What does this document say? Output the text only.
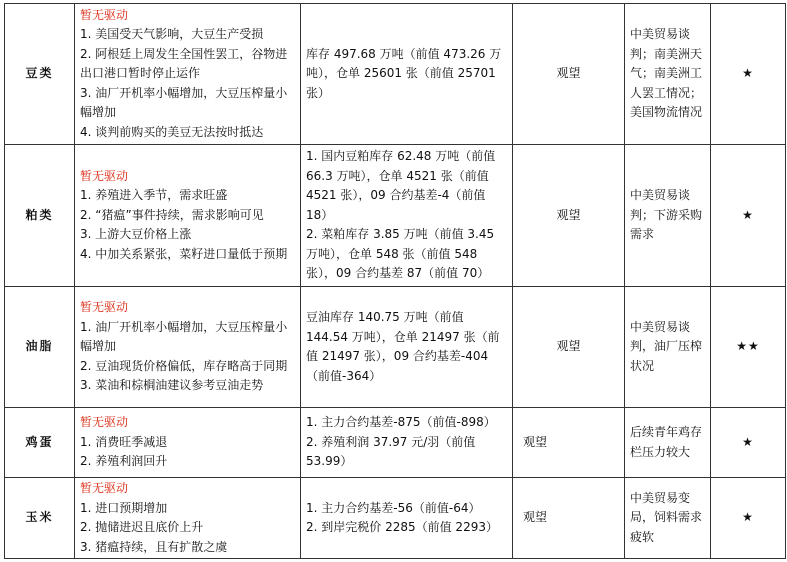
豆类	暂无驱动
1. 美国受天气影响，大豆生产受损
2. 阿根廷上周发生全国性罢工，谷物进出口港口暂时停止运作
3. 油厂开机率小幅增加，大豆压榨量小幅增加
4. 谈判前购买的美豆无法按时抵达	库存 497.68 万吨（前值 473.26 万吨），仓单 25601 张（前值 25701 张）	观望	中美贸易谈判；南美洲天气；南美洲工人罢工情况；美国物流情况	★
粕类	暂无驱动
1. 养殖进入季节，需求旺盛
2. “猪瘟”事件持续，需求影响可见
3. 上游大豆价格上涨
4. 中加关系紧张，菜籽进口量低于预期	1. 国内豆粕库存 62.48 万吨（前值 66.3 万吨），仓单 4521 张（前值 4521 张），09 合约基差-4（前值 18）
2. 菜粕库存 3.85 万吨（前值 3.45 万吨），仓单 548 张（前值 548 张），09 合约基差 87（前值 70）	观望	中美贸易谈判；下游采购需求	★
油脂	暂无驱动
1. 油厂开机率小幅增加，大豆压榨量小幅增加
2. 豆油现货价格偏低，库存略高于同期
3. 菜油和棕榈油建议参考豆油走势	豆油库存 140.75 万吨（前值 144.54 万吨），仓单 21497 张（前值 21497 张），09 合约基差-404（前值-364）	观望	中美贸易谈判，油厂压榨状况	★★
鸡蛋	暂无驱动
1. 消费旺季减退
2. 养殖利润回升	1. 主力合约基差-875（前值-898）
2. 养殖利润 37.97 元/羽（前值 53.99）	观望	后续青年鸡存栏压力较大	★
玉米	暂无驱动
1. 进口预期增加
2. 抛储进迟且底价上升
3. 猪瘟持续，且有扩散之虞	1. 主力合约基差-56（前值-64）
2. 到岸完税价 2285（前值 2293）	观望	中美贸易变局，饲料需求疲软	★
